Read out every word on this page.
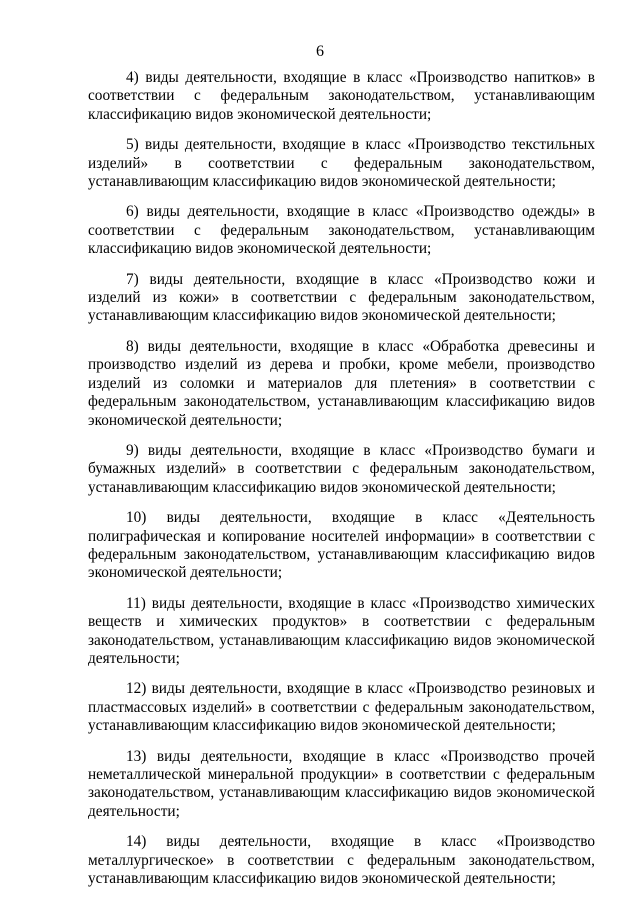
6

4) виды деятельности, входящие в класс «Производство напитков» в соответствии с федеральным законодательством, устанавливающим классификацию видов экономической деятельности;

5) виды деятельности, входящие в класс «Производство текстильных изделий» в соответствии с федеральным законодательством, устанавливающим классификацию видов экономической деятельности;

6) виды деятельности, входящие в класс «Производство одежды» в соответствии с федеральным законодательством, устанавливающим классификацию видов экономической деятельности;

7) виды деятельности, входящие в класс «Производство кожи и изделий из кожи» в соответствии с федеральным законодательством, устанавливающим классификацию видов экономической деятельности;

8) виды деятельности, входящие в класс «Обработка древесины и производство изделий из дерева и пробки, кроме мебели, производство изделий из соломки и материалов для плетения» в соответствии с федеральным законодательством, устанавливающим классификацию видов экономической деятельности;

9) виды деятельности, входящие в класс «Производство бумаги и бумажных изделий» в соответствии с федеральным законодательством, устанавливающим классификацию видов экономической деятельности;

10) виды деятельности, входящие в класс «Деятельность полиграфическая и копирование носителей информации» в соответствии с федеральным законодательством, устанавливающим классификацию видов экономической деятельности;

11) виды деятельности, входящие в класс «Производство химических веществ и химических продуктов» в соответствии с федеральным законодательством, устанавливающим классификацию видов экономической деятельности;

12) виды деятельности, входящие в класс «Производство резиновых и пластмассовых изделий» в соответствии с федеральным законодательством, устанавливающим классификацию видов экономической деятельности;

13) виды деятельности, входящие в класс «Производство прочей неметаллической минеральной продукции» в соответствии с федеральным законодательством, устанавливающим классификацию видов экономической деятельности;

14) виды деятельности, входящие в класс «Производство металлургическое» в соответствии с федеральным законодательством, устанавливающим классификацию видов экономической деятельности;
